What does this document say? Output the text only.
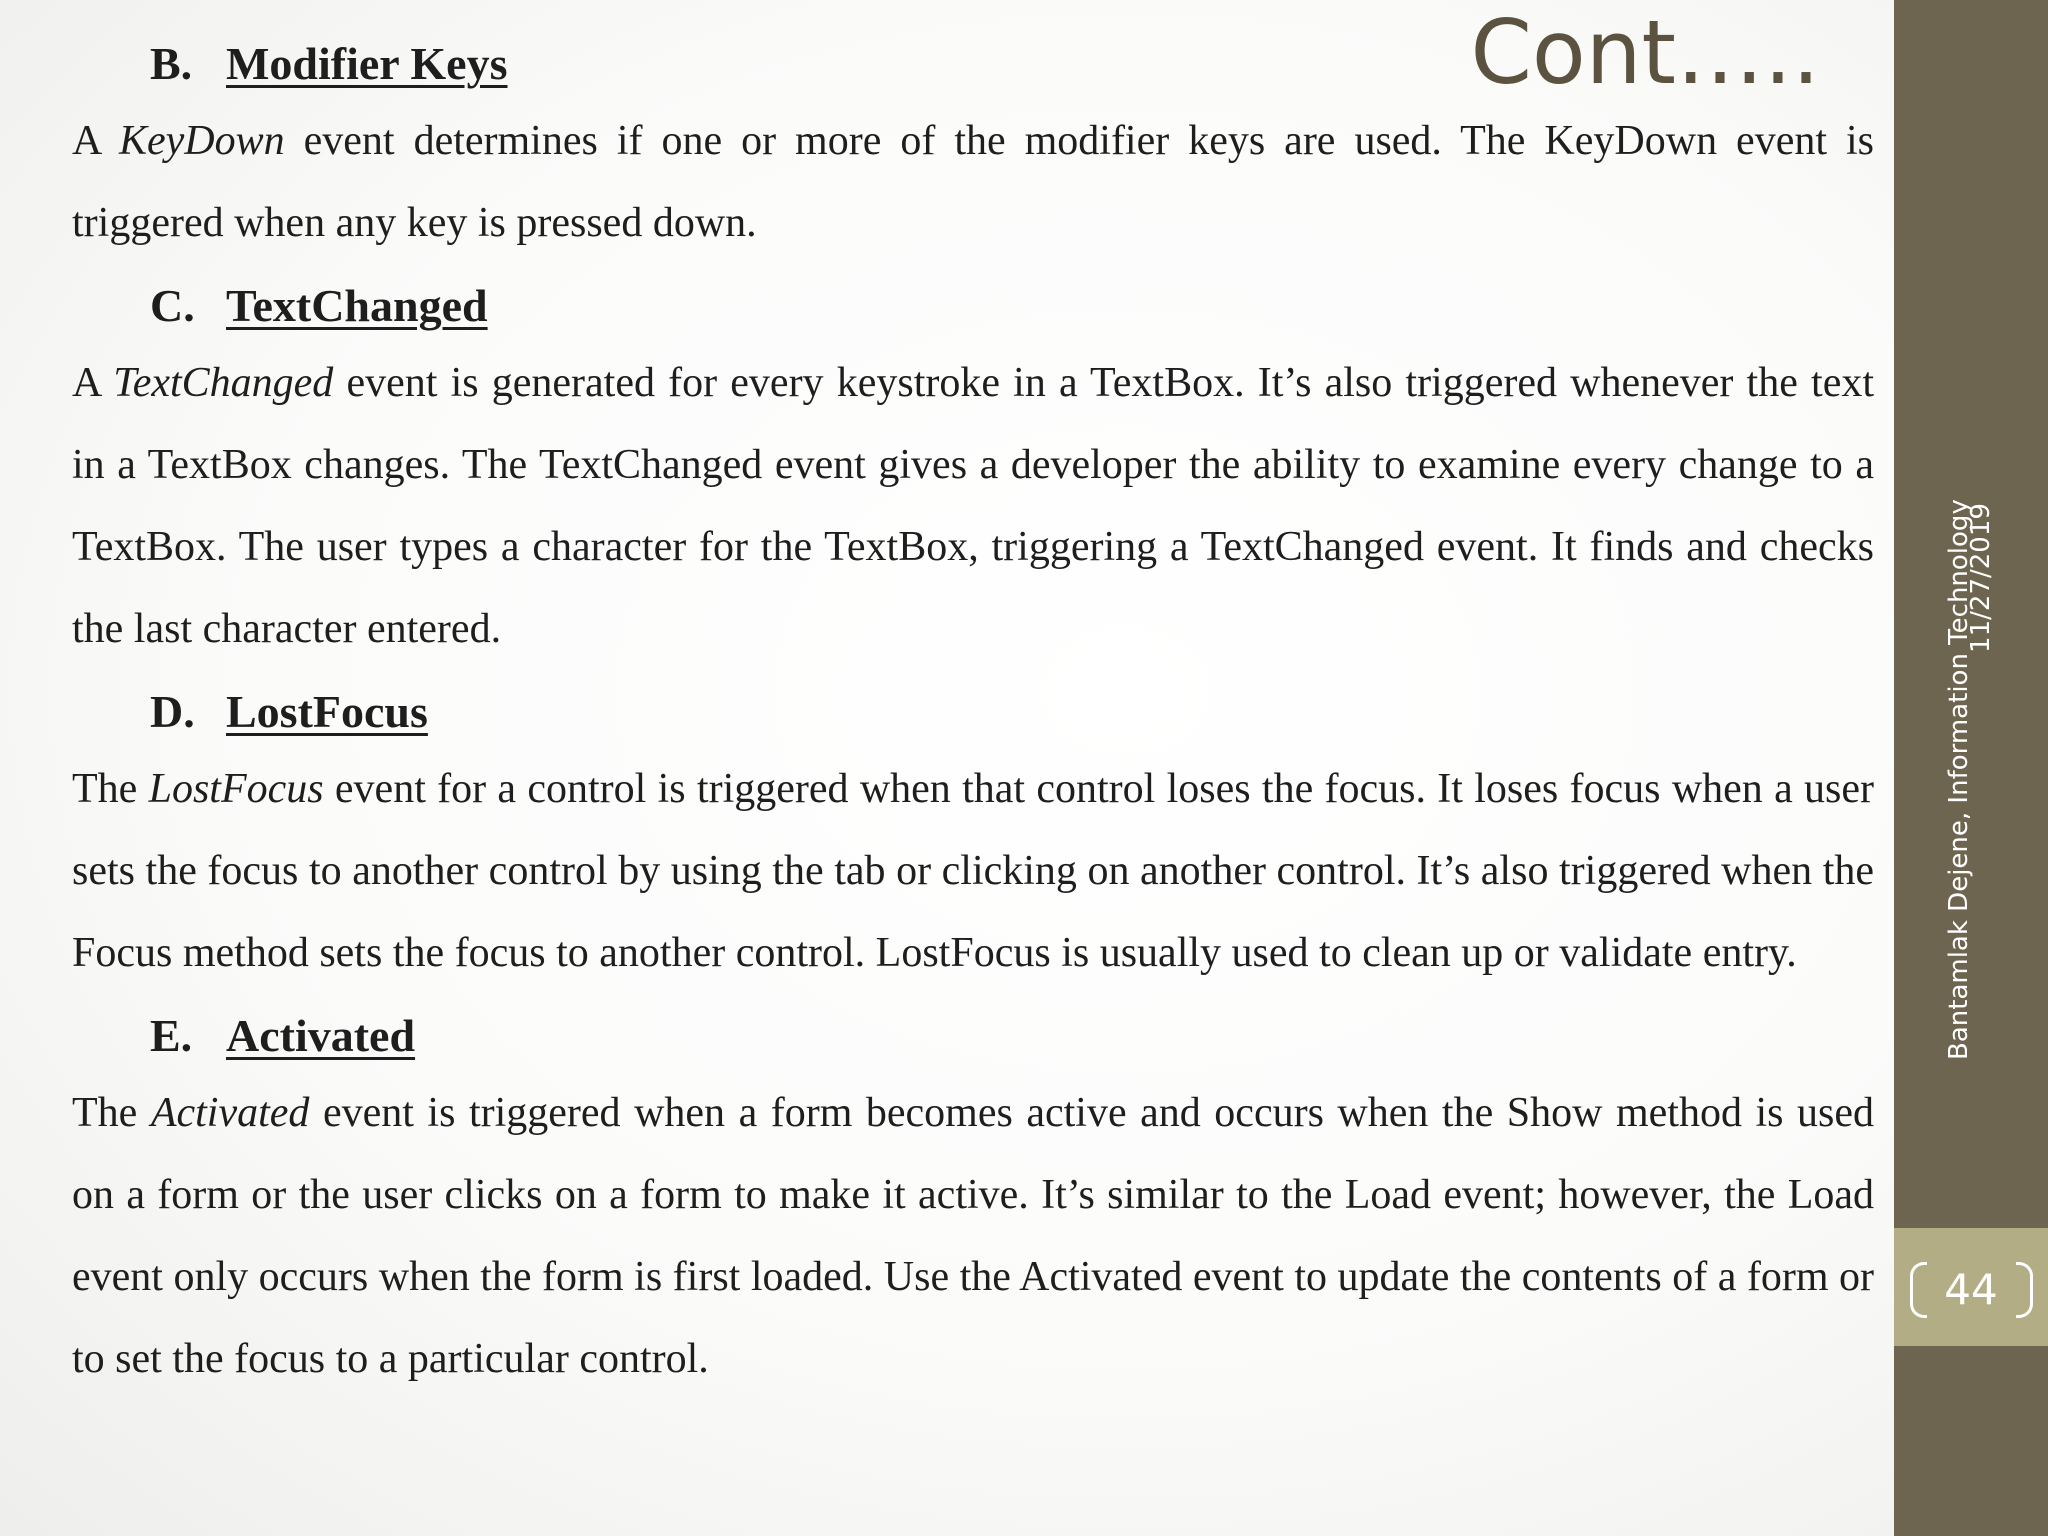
Cont…..
B. Modifier Keys

A KeyDown event determines if one or more of the modifier keys are used. The KeyDown event is triggered when any key is pressed down.

C. TextChanged

A TextChanged event is generated for every keystroke in a TextBox. It’s also triggered whenever the text in a TextBox changes. The TextChanged event gives a developer the ability to examine every change to a TextBox. The user types a character for the TextBox, triggering a TextChanged event. It finds and checks the last character entered.

D. LostFocus

The LostFocus event for a control is triggered when that control loses the focus. It loses focus when a user sets the focus to another control by using the tab or clicking on another control. It’s also triggered when the Focus method sets the focus to another control. LostFocus is usually used to clean up or validate entry.

E. Activated

The Activated event is triggered when a form becomes active and occurs when the Show method is used on a form or the user clicks on a form to make it active. It’s similar to the Load event; however, the Load event only occurs when the form is first loaded. Use the Activated event to update the contents of a form or to set the focus to a particular control.

11/27/2019
Bantamlak Dejene, Information Technology
44
